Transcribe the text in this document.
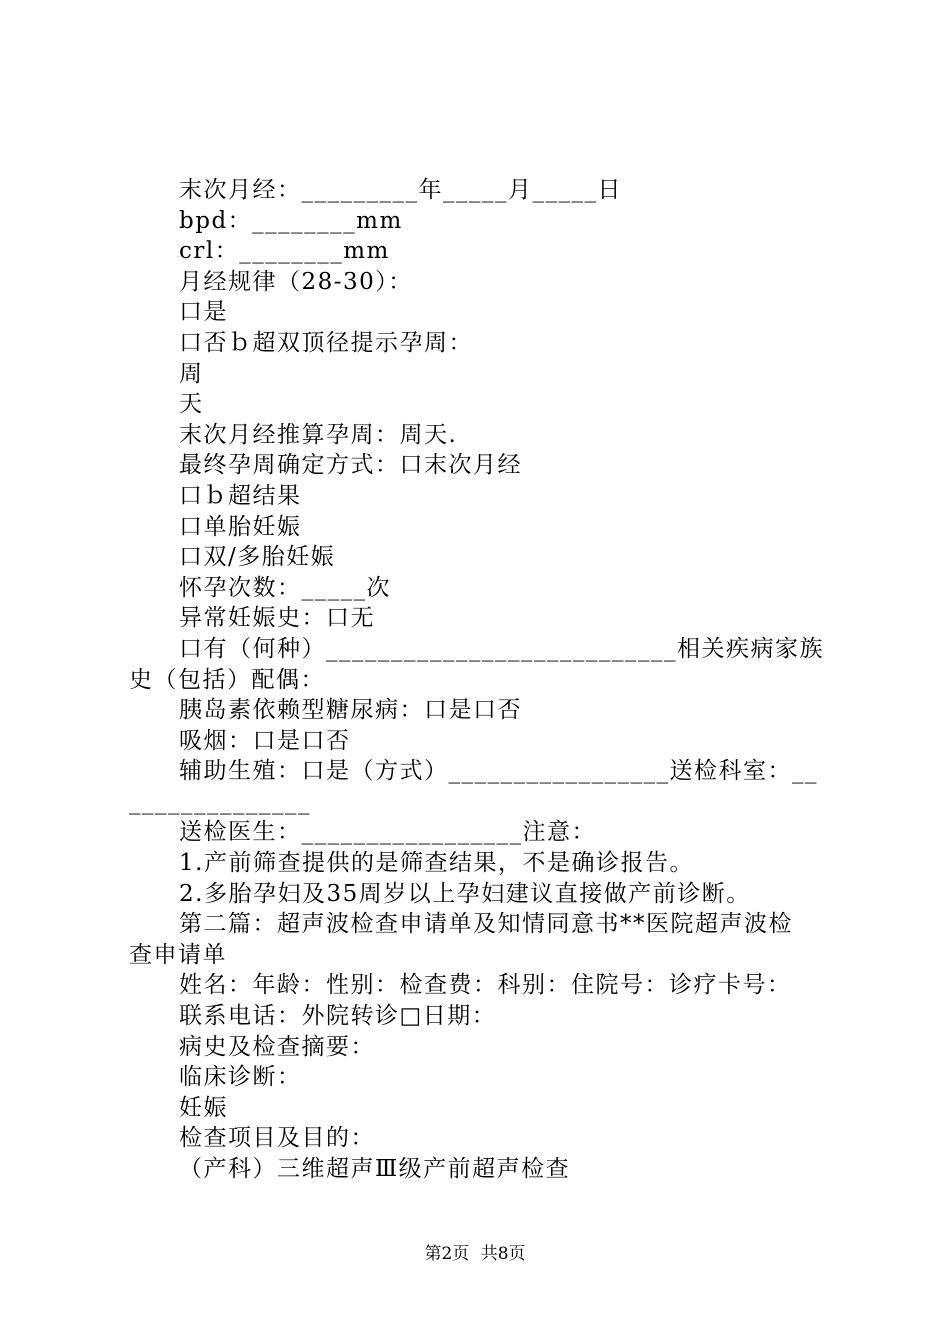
末次月经：_________年_____月_____日
bpd：________mm
crl：________mm
月经规律（28-30）：
口是
口否ｂ超双顶径提示孕周：
周
天
末次月经推算孕周：周天.
最终孕周确定方式：口末次月经
口ｂ超结果
口单胎妊娠
口双/多胎妊娠
怀孕次数：_____次
异常妊娠史：口无
口有（何种）___________________________相关疾病家族
史（包括）配偶：
胰岛素依赖型糖尿病：口是口否
吸烟：口是口否
辅助生殖：口是（方式）_________________送检科室：__
______________
送检医生：_________________注意：
1.产前筛查提供的是筛查结果，不是确诊报告。
2.多胎孕妇及35周岁以上孕妇建议直接做产前诊断。
第二篇：超声波检查申请单及知情同意书**医院超声波检
查申请单
姓名：年龄：性别：检查费：科别：住院号：诊疗卡号：
联系电话：外院转诊□日期：
病史及检查摘要：
临床诊断：
妊娠
检查项目及目的：
（产科）三维超声Ⅲ级产前超声检查
第2页 共8页
